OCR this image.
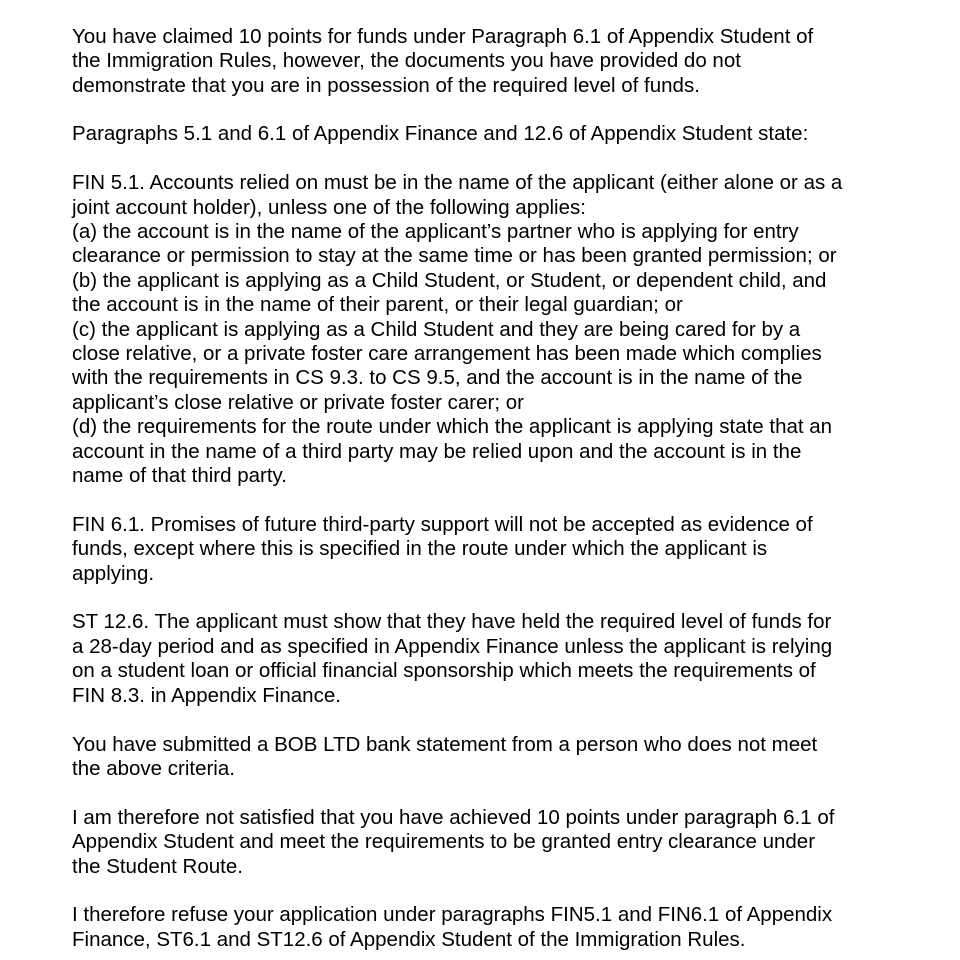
You have claimed 10 points for funds under Paragraph 6.1 of Appendix Student of
the Immigration Rules, however, the documents you have provided do not
demonstrate that you are in possession of the required level of funds.

Paragraphs 5.1 and 6.1 of Appendix Finance and 12.6 of Appendix Student state:

FIN 5.1. Accounts relied on must be in the name of the applicant (either alone or as a
joint account holder), unless one of the following applies:
(a) the account is in the name of the applicant’s partner who is applying for entry
clearance or permission to stay at the same time or has been granted permission; or
(b) the applicant is applying as a Child Student, or Student, or dependent child, and
the account is in the name of their parent, or their legal guardian; or
(c) the applicant is applying as a Child Student and they are being cared for by a
close relative, or a private foster care arrangement has been made which complies
with the requirements in CS 9.3. to CS 9.5, and the account is in the name of the
applicant’s close relative or private foster carer; or
(d) the requirements for the route under which the applicant is applying state that an
account in the name of a third party may be relied upon and the account is in the
name of that third party.

FIN 6.1. Promises of future third-party support will not be accepted as evidence of
funds, except where this is specified in the route under which the applicant is
applying.

ST 12.6. The applicant must show that they have held the required level of funds for
a 28-day period and as specified in Appendix Finance unless the applicant is relying
on a student loan or official financial sponsorship which meets the requirements of
FIN 8.3. in Appendix Finance.

You have submitted a BOB LTD bank statement from a person who does not meet
the above criteria.

I am therefore not satisfied that you have achieved 10 points under paragraph 6.1 of
Appendix Student and meet the requirements to be granted entry clearance under
the Student Route.

I therefore refuse your application under paragraphs FIN5.1 and FIN6.1 of Appendix
Finance, ST6.1 and ST12.6 of Appendix Student of the Immigration Rules.
